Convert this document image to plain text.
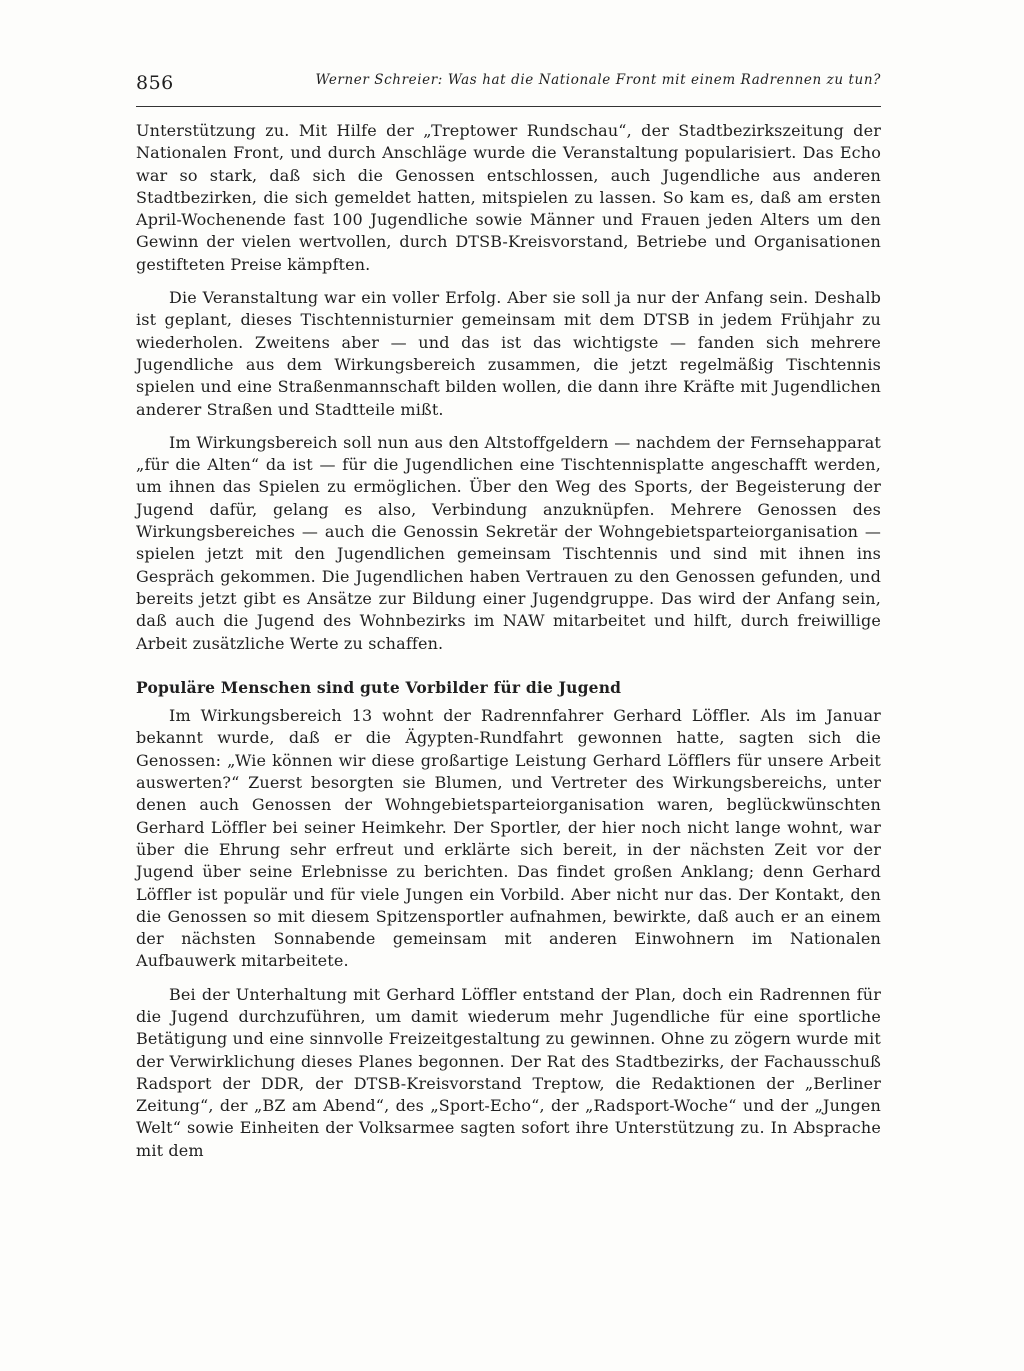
856	Werner Schreier: Was hat die Nationale Front mit einem Radrennen zu tun?

Unterstützung zu. Mit Hilfe der „Treptower Rundschau“, der Stadtbezirkszeitung der Nationalen Front, und durch Anschläge wurde die Veranstaltung popularisiert. Das Echo war so stark, daß sich die Genossen entschlossen, auch Jugendliche aus anderen Stadtbezirken, die sich gemeldet hatten, mitspielen zu lassen. So kam es, daß am ersten April-Wochenende fast 100 Jugendliche sowie Männer und Frauen jeden Alters um den Gewinn der vielen wertvollen, durch DTSB-Kreisvorstand, Betriebe und Organisationen gestifteten Preise kämpften.

Die Veranstaltung war ein voller Erfolg. Aber sie soll ja nur der Anfang sein. Deshalb ist geplant, dieses Tischtennisturnier gemeinsam mit dem DTSB in jedem Frühjahr zu wiederholen. Zweitens aber — und das ist das wichtigste — fanden sich mehrere Jugendliche aus dem Wirkungsbereich zusammen, die jetzt regelmäßig Tischtennis spielen und eine Straßenmannschaft bilden wollen, die dann ihre Kräfte mit Jugendlichen anderer Straßen und Stadtteile mißt.

Im Wirkungsbereich soll nun aus den Altstoffgeldern — nachdem der Fernsehapparat „für die Alten“ da ist — für die Jugendlichen eine Tischtennisplatte angeschafft werden, um ihnen das Spielen zu ermöglichen. Über den Weg des Sports, der Begeisterung der Jugend dafür, gelang es also, Verbindung anzuknüpfen. Mehrere Genossen des Wirkungsbereiches — auch die Genossin Sekretär der Wohngebietsparteiorganisation — spielen jetzt mit den Jugendlichen gemeinsam Tischtennis und sind mit ihnen ins Gespräch gekommen. Die Jugendlichen haben Vertrauen zu den Genossen gefunden, und bereits jetzt gibt es Ansätze zur Bildung einer Jugendgruppe. Das wird der Anfang sein, daß auch die Jugend des Wohnbezirks im NAW mitarbeitet und hilft, durch freiwillige Arbeit zusätzliche Werte zu schaffen.

Populäre Menschen sind gute Vorbilder für die Jugend

Im Wirkungsbereich 13 wohnt der Radrennfahrer Gerhard Löffler. Als im Januar bekannt wurde, daß er die Ägypten-Rundfahrt gewonnen hatte, sagten sich die Genossen: „Wie können wir diese großartige Leistung Gerhard Löfflers für unsere Arbeit auswerten?“ Zuerst besorgten sie Blumen, und Vertreter des Wirkungsbereichs, unter denen auch Genossen der Wohngebietsparteiorganisation waren, beglückwünschten Gerhard Löffler bei seiner Heimkehr. Der Sportler, der hier noch nicht lange wohnt, war über die Ehrung sehr erfreut und erklärte sich bereit, in der nächsten Zeit vor der Jugend über seine Erlebnisse zu berichten. Das findet großen Anklang; denn Gerhard Löffler ist populär und für viele Jungen ein Vorbild. Aber nicht nur das. Der Kontakt, den die Genossen so mit diesem Spitzensportler aufnahmen, bewirkte, daß auch er an einem der nächsten Sonnabende gemeinsam mit anderen Einwohnern im Nationalen Aufbauwerk mitarbeitete.

Bei der Unterhaltung mit Gerhard Löffler entstand der Plan, doch ein Radrennen für die Jugend durchzuführen, um damit wiederum mehr Jugendliche für eine sportliche Betätigung und eine sinnvolle Freizeitgestaltung zu gewinnen. Ohne zu zögern wurde mit der Verwirklichung dieses Planes begonnen. Der Rat des Stadtbezirks, der Fachausschuß Radsport der DDR, der DTSB-Kreisvorstand Treptow, die Redaktionen der „Berliner Zeitung“, der „BZ am Abend“, des „Sport-Echo“, der „Radsport-Woche“ und der „Jungen Welt“ sowie Einheiten der Volksarmee sagten sofort ihre Unterstützung zu. In Absprache mit dem
